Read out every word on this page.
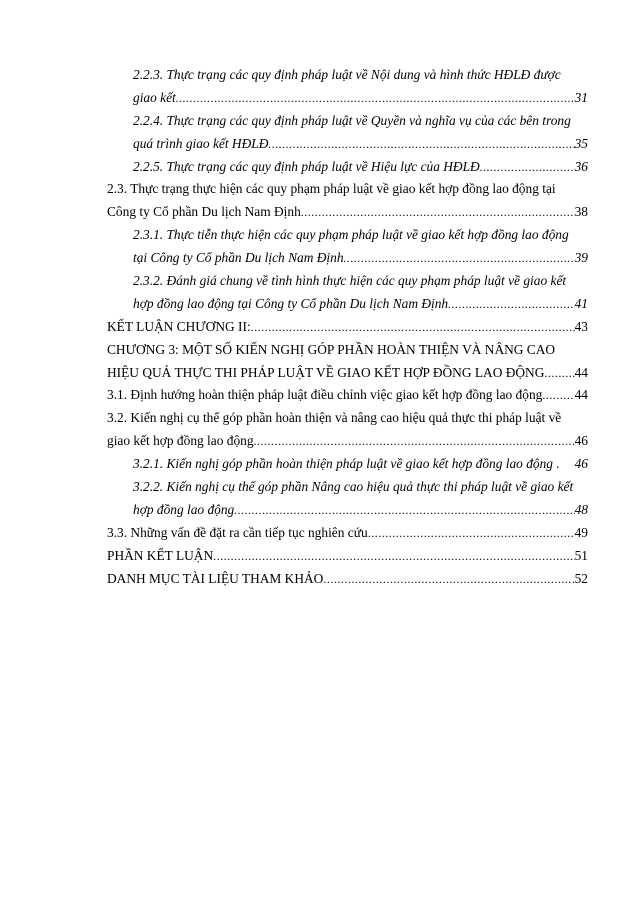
2.2.3. Thực trạng các quy định pháp luật về Nội dung và hình thức HĐLĐ được
giao kết .....	31
2.2.4. Thực trạng các quy định pháp luật về Quyền và nghĩa vụ của các bên trong
quá trình giao kết HĐLĐ .....	35
2.2.5. Thực trạng các quy định pháp luật về Hiệu lực của HĐLĐ .....	36
2.3. Thực trạng thực hiện các quy phạm pháp luật về giao kết hợp đồng lao động tại
Công ty Cổ phần Du lịch Nam Định .....	38
2.3.1. Thực tiễn thực hiện các quy phạm pháp luật về giao kết hợp đồng lao động
tại Công ty Cổ phần Du lịch Nam Định .....	39
2.3.2. Đánh giá chung về tình hình thực hiện các quy phạm pháp luật về giao kết
hợp đồng lao động tại Công ty Cổ phần Du lịch Nam Định .....	41
KẾT LUẬN CHƯƠNG II: .....	43
CHƯƠNG 3: MỘT SỐ KIẾN NGHỊ GÓP PHẦN HOÀN THIỆN VÀ NÂNG CAO
HIỆU QUẢ THỰC THI PHÁP LUẬT VỀ GIAO KẾT HỢP ĐỒNG LAO ĐỘNG ..... 44
3.1. Định hướng hoàn thiện pháp luật điều chỉnh việc giao kết hợp đồng lao động ..... 44
3.2. Kiến nghị cụ thể góp phần hoàn thiện và nâng cao hiệu quả thực thi pháp luật về
giao kết hợp đồng lao động .....	46
3.2.1. Kiến nghị góp phần hoàn thiện pháp luật về giao kết hợp đồng lao động . 46
3.2.2. Kiến nghị cụ thể góp phần Nâng cao hiệu quả thực thi pháp luật về giao kết
hợp đồng lao động .....	48
3.3. Những vấn đề đặt ra cần tiếp tục nghiên cứu .....	49
PHẦN KẾT LUẬN .....	51
DANH MỤC TÀI LIỆU THAM KHẢO .....	52
